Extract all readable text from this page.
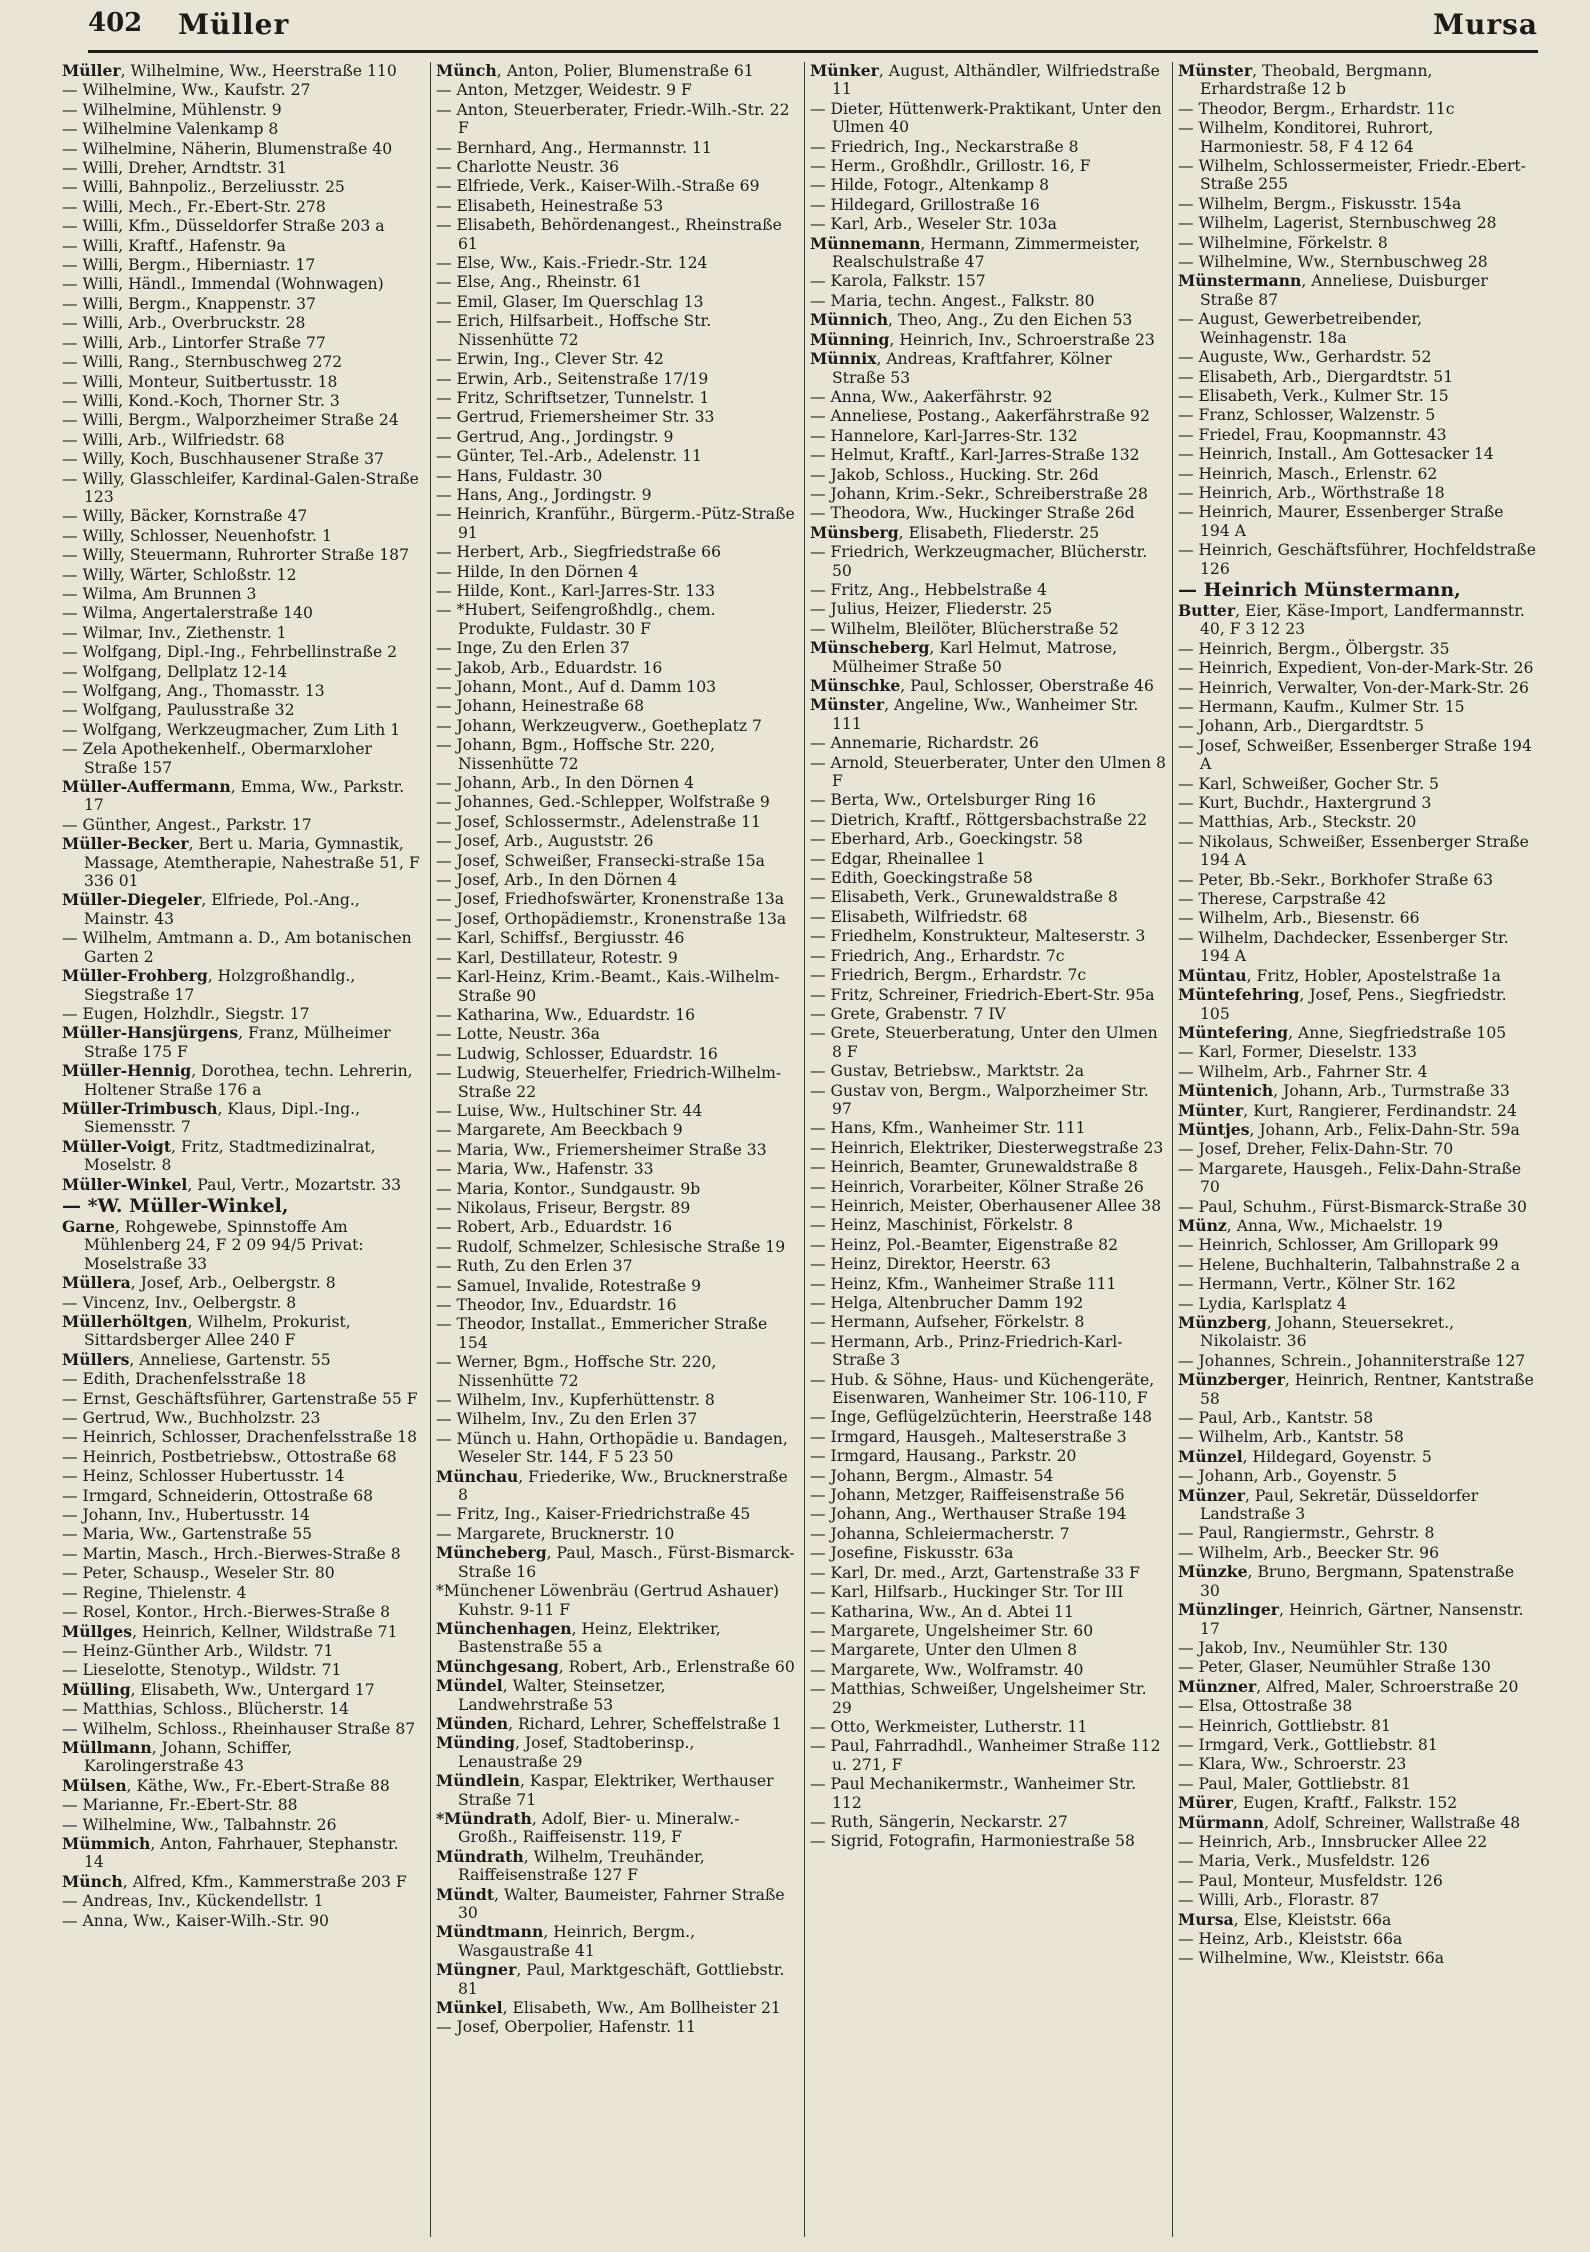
402 Müller	Mursa
Müller, Wilhelmine, Ww., Heerstraße 110
— Wilhelmine, Ww., Kaufstr. 27
— Wilhelmine, Mühlenstr. 9
— Wilhelmine Valenkamp 8
— Wilhelmine, Näherin, Blumenstraße 40
— Willi, Dreher, Arndtstr. 31
— Willi, Bahnpoliz., Berzeliusstr. 25
— Willi, Mech., Fr.-Ebert-Str. 278
— Willi, Kfm., Düsseldorfer Straße 203 a
— Willi, Kraftf., Hafenstr. 9a
— Willi, Bergm., Hiberniastr. 17
— Willi, Händl., Immendal (Wohnwagen)
— Willi, Bergm., Knappenstr. 37
— Willi, Arb., Overbruckstr. 28
— Willi, Arb., Lintorfer Straße 77
— Willi, Rang., Sternbuschweg 272
— Willi, Monteur, Suitbertusstr. 18
— Willi, Kond.-Koch, Thorner Str. 3
— Willi, Bergm., Walporzheimer Straße 24
— Willi, Arb., Wilfriedstr. 68
— Willy, Koch, Buschhausener Straße 37
— Willy, Glasschleifer, Kardinal-Galen-Straße 123
— Willy, Bäcker, Kornstraße 47
— Willy, Schlosser, Neuenhofstr. 1
— Willy, Steuermann, Ruhrorter Straße 187
— Willy, Wärter, Schloßstr. 12
— Wilma, Am Brunnen 3
— Wilma, Angertalerstraße 140
— Wilmar, Inv., Ziethenstr. 1
— Wolfgang, Dipl.-Ing., Fehrbellinstraße 2
— Wolfgang, Dellplatz 12-14
— Wolfgang, Ang., Thomasstr. 13
— Wolfgang, Paulusstraße 32
— Wolfgang, Werkzeugmacher, Zum Lith 1
— Zela Apothekenhelf., Obermarxloher Straße 157
Müller-Auffermann, Emma, Ww., Parkstr. 17
— Günther, Angest., Parkstr. 17
Müller-Becker, Bert u. Maria, Gymnastik, Massage, Atemtherapie, Nahestraße 51, F 336 01
Müller-Diegeler, Elfriede, Pol.-Ang., Mainstr. 43
— Wilhelm, Amtmann a. D., Am botanischen Garten 2
Müller-Frohberg, Holzgroßhandlg., Siegstraße 17
— Eugen, Holzhdlr., Siegstr. 17
Müller-Hansjürgens, Franz, Mülheimer Straße 175 F
Müller-Hennig, Dorothea, techn. Lehrerin, Holtener Straße 176 a
Müller-Trimbusch, Klaus, Dipl.-Ing., Siemensstr. 7
Müller-Voigt, Fritz, Stadtmedizinalrat, Moselstr. 8
Müller-Winkel, Paul, Vertr., Mozartstr. 33
— *W. Müller-Winkel,
Garne, Rohgewebe, Spinnstoffe Am Mühlenberg 24, F 2 09 94/5 Privat: Moselstraße 33
Müllera, Josef, Arb., Oelbergstr. 8
— Vincenz, Inv., Oelbergstr. 8
Müllerhöltgen, Wilhelm, Prokurist, Sittardsberger Allee 240 F
Müllers, Anneliese, Gartenstr. 55
— Edith, Drachenfelsstraße 18
— Ernst, Geschäftsführer, Gartenstraße 55 F
— Gertrud, Ww., Buchholzstr. 23
— Heinrich, Schlosser, Drachenfelsstraße 18
— Heinrich, Postbetriebsw., Ottostraße 68
— Heinz, Schlosser Hubertusstr. 14
— Irmgard, Schneiderin, Ottostraße 68
— Johann, Inv., Hubertusstr. 14
— Maria, Ww., Gartenstraße 55
— Martin, Masch., Hrch.-Bierwes-Straße 8
— Peter, Schausp., Weseler Str. 80
— Regine, Thielenstr. 4
— Rosel, Kontor., Hrch.-Bierwes-Straße 8
Müllges, Heinrich, Kellner, Wildstraße 71
— Heinz-Günther Arb., Wildstr. 71
— Lieselotte, Stenotyp., Wildstr. 71
Mülling, Elisabeth, Ww., Untergard 17
— Matthias, Schloss., Blücherstr. 14
— Wilhelm, Schloss., Rheinhauser Straße 87
Müllmann, Johann, Schiffer, Karolingerstraße 43
Mülsen, Käthe, Ww., Fr.-Ebert-Straße 88
— Marianne, Fr.-Ebert-Str. 88
— Wilhelmine, Ww., Talbahnstr. 26
Mümmich, Anton, Fahrhauer, Stephanstr. 14
Münch, Alfred, Kfm., Kammerstraße 203 F
— Andreas, Inv., Kückendellstr. 1
— Anna, Ww., Kaiser-Wilh.-Str. 90
Münch, Anton, Polier, Blumenstraße 61
— Anton, Metzger, Weidestr. 9 F
— Anton, Steuerberater, Friedr.-Wilh.-Str. 22 F
— Bernhard, Ang., Hermannstr. 11
— Charlotte Neustr. 36
— Elfriede, Verk., Kaiser-Wilh.-Straße 69
— Elisabeth, Heinestraße 53
— Elisabeth, Behördenangest., Rheinstraße 61
— Else, Ww., Kais.-Friedr.-Str. 124
— Else, Ang., Rheinstr. 61
— Emil, Glaser, Im Querschlag 13
— Erich, Hilfsarbeit., Hoffsche Str. Nissenhütte 72
— Erwin, Ing., Clever Str. 42
— Erwin, Arb., Seitenstraße 17/19
— Fritz, Schriftsetzer, Tunnelstr. 1
— Gertrud, Friemersheimer Str. 33
— Gertrud, Ang., Jordingstr. 9
— Günter, Tel.-Arb., Adelenstr. 11
— Hans, Fuldastr. 30
— Hans, Ang., Jordingstr. 9
— Heinrich, Kranführ., Bürgerm.-Pütz-Straße 91
— Herbert, Arb., Siegfriedstraße 66
— Hilde, In den Dörnen 4
— Hilde, Kont., Karl-Jarres-Str. 133
— *Hubert, Seifengroßhdlg., chem. Produkte, Fuldastr. 30 F
— Inge, Zu den Erlen 37
— Jakob, Arb., Eduardstr. 16
— Johann, Mont., Auf d. Damm 103
— Johann, Heinestraße 68
— Johann, Werkzeugverw., Goetheplatz 7
— Johann, Bgm., Hoffsche Str. 220, Nissenhütte 72
— Johann, Arb., In den Dörnen 4
— Johannes, Ged.-Schlepper, Wolfstraße 9
— Josef, Schlossermstr., Adelenstraße 11
— Josef, Arb., Auguststr. 26
— Josef, Schweißer, Fransecki-straße 15a
— Josef, Arb., In den Dörnen 4
— Josef, Friedhofswärter, Kronenstraße 13a
— Josef, Orthopädiemstr., Kronenstraße 13a
— Karl, Schiffsf., Bergiusstr. 46
— Karl, Destillateur, Rotestr. 9
— Karl-Heinz, Krim.-Beamt., Kais.-Wilhelm-Straße 90
— Katharina, Ww., Eduardstr. 16
— Lotte, Neustr. 36a
— Ludwig, Schlosser, Eduardstr. 16
— Ludwig, Steuerhelfer, Friedrich-Wilhelm-Straße 22
— Luise, Ww., Hultschiner Str. 44
— Margarete, Am Beeckbach 9
— Maria, Ww., Friemersheimer Straße 33
— Maria, Ww., Hafenstr. 33
— Maria, Kontor., Sundgaustr. 9b
— Nikolaus, Friseur, Bergstr. 89
— Robert, Arb., Eduardstr. 16
— Rudolf, Schmelzer, Schlesische Straße 19
— Ruth, Zu den Erlen 37
— Samuel, Invalide, Rotestraße 9
— Theodor, Inv., Eduardstr. 16
— Theodor, Installat., Emmericher Straße 154
— Werner, Bgm., Hoffsche Str. 220, Nissenhütte 72
— Wilhelm, Inv., Kupferhüttenstr. 8
— Wilhelm, Inv., Zu den Erlen 37
— Münch u. Hahn, Orthopädie u. Bandagen, Weseler Str. 144, F 5 23 50
Münchau, Friederike, Ww., Brucknerstraße 8
— Fritz, Ing., Kaiser-Friedrichstraße 45
— Margarete, Brucknerstr. 10
Müncheberg, Paul, Masch., Fürst-Bismarck-Straße 16
*Münchener Löwenbräu (Gertrud Ashauer) Kuhstr. 9-11 F
Münchenhagen, Heinz, Elektriker, Bastenstraße 55 a
Münchgesang, Robert, Arb., Erlenstraße 60
Mündel, Walter, Steinsetzer, Landwehrstraße 53
Münden, Richard, Lehrer, Scheffelstraße 1
Münding, Josef, Stadtoberinsp., Lenaustraße 29
Mündlein, Kaspar, Elektriker, Werthauser Straße 71
*Mündrath, Adolf, Bier- u. Mineralw.-Großh., Raiffeisenstr. 119, F
Mündrath, Wilhelm, Treuhänder, Raiffeisenstraße 127 F
Mündt, Walter, Baumeister, Fahrner Straße 30
Mündtmann, Heinrich, Bergm., Wasgaustraße 41
Müngner, Paul, Marktgeschäft, Gottliebstr. 81
Münkel, Elisabeth, Ww., Am Bollheister 21
— Josef, Oberpolier, Hafenstr. 11
Münker, August, Althändler, Wilfriedstraße 11
— Dieter, Hüttenwerk-Praktikant, Unter den Ulmen 40
— Friedrich, Ing., Neckarstraße 8
— Herm., Großhdlr., Grillostr. 16, F
— Hilde, Fotogr., Altenkamp 8
— Hildegard, Grillostraße 16
— Karl, Arb., Weseler Str. 103a
Münnemann, Hermann, Zimmermeister, Realschulstraße 47
— Karola, Falkstr. 157
— Maria, techn. Angest., Falkstr. 80
Münnich, Theo, Ang., Zu den Eichen 53
Münning, Heinrich, Inv., Schroerstraße 23
Münnix, Andreas, Kraftfahrer, Kölner Straße 53
— Anna, Ww., Aakerfährstr. 92
— Anneliese, Postang., Aakerfährstraße 92
— Hannelore, Karl-Jarres-Str. 132
— Helmut, Kraftf., Karl-Jarres-Straße 132
— Jakob, Schloss., Hucking. Str. 26d
— Johann, Krim.-Sekr., Schreiberstraße 28
— Theodora, Ww., Huckinger Straße 26d
Münsberg, Elisabeth, Fliederstr. 25
— Friedrich, Werkzeugmacher, Blücherstr. 50
— Fritz, Ang., Hebbelstraße 4
— Julius, Heizer, Fliederstr. 25
— Wilhelm, Bleilöter, Blücherstraße 52
Münscheberg, Karl Helmut, Matrose, Mülheimer Straße 50
Münschke, Paul, Schlosser, Oberstraße 46
Münster, Angeline, Ww., Wanheimer Str. 111
— Annemarie, Richardstr. 26
— Arnold, Steuerberater, Unter den Ulmen 8 F
— Berta, Ww., Ortelsburger Ring 16
— Dietrich, Kraftf., Röttgersbachstraße 22
— Eberhard, Arb., Goeckingstr. 58
— Edgar, Rheinallee 1
— Edith, Goeckingstraße 58
— Elisabeth, Verk., Grunewaldstraße 8
— Elisabeth, Wilfriedstr. 68
— Friedhelm, Konstrukteur, Malteserstr. 3
— Friedrich, Ang., Erhardstr. 7c
— Friedrich, Bergm., Erhardstr. 7c
— Fritz, Schreiner, Friedrich-Ebert-Str. 95a
— Grete, Grabenstr. 7 IV
— Grete, Steuerberatung, Unter den Ulmen 8 F
— Gustav, Betriebsw., Marktstr. 2a
— Gustav von, Bergm., Walporzheimer Str. 97
— Hans, Kfm., Wanheimer Str. 111
— Heinrich, Elektriker, Diesterwegstraße 23
— Heinrich, Beamter, Grunewaldstraße 8
— Heinrich, Vorarbeiter, Kölner Straße 26
— Heinrich, Meister, Oberhausener Allee 38
— Heinz, Maschinist, Förkelstr. 8
— Heinz, Pol.-Beamter, Eigenstraße 82
— Heinz, Direktor, Heerstr. 63
— Heinz, Kfm., Wanheimer Straße 111
— Helga, Altenbrucher Damm 192
— Hermann, Aufseher, Förkelstr. 8
— Hermann, Arb., Prinz-Friedrich-Karl-Straße 3
— Hub. & Söhne, Haus- und Küchengeräte, Eisenwaren, Wanheimer Str. 106-110, F
— Inge, Geflügelzüchterin, Heerstraße 148
— Irmgard, Hausgeh., Malteserstraße 3
— Irmgard, Hausang., Parkstr. 20
— Johann, Bergm., Almastr. 54
— Johann, Metzger, Raiffeisenstraße 56
— Johann, Ang., Werthauser Straße 194
— Johanna, Schleiermacherstr. 7
— Josefine, Fiskusstr. 63a
— Karl, Dr. med., Arzt, Gartenstraße 33 F
— Karl, Hilfsarb., Huckinger Str. Tor III
— Katharina, Ww., An d. Abtei 11
— Margarete, Ungelsheimer Str. 60
— Margarete, Unter den Ulmen 8
— Margarete, Ww., Wolframstr. 40
— Matthias, Schweißer, Ungelsheimer Str. 29
— Otto, Werkmeister, Lutherstr. 11
— Paul, Fahrradhdl., Wanheimer Straße 112 u. 271, F
— Paul Mechanikermstr., Wanheimer Str. 112
— Ruth, Sängerin, Neckarstr. 27
— Sigrid, Fotografin, Harmoniestraße 58
Münster, Theobald, Bergmann, Erhardstraße 12 b
— Theodor, Bergm., Erhardstr. 11c
— Wilhelm, Konditorei, Ruhrort, Harmoniestr. 58, F 4 12 64
— Wilhelm, Schlossermeister, Friedr.-Ebert-Straße 255
— Wilhelm, Bergm., Fiskusstr. 154a
— Wilhelm, Lagerist, Sternbuschweg 28
— Wilhelmine, Förkelstr. 8
— Wilhelmine, Ww., Sternbuschweg 28
Münstermann, Anneliese, Duisburger Straße 87
— August, Gewerbetreibender, Weinhagenstr. 18a
— Auguste, Ww., Gerhardstr. 52
— Elisabeth, Arb., Diergardtstr. 51
— Elisabeth, Verk., Kulmer Str. 15
— Franz, Schlosser, Walzenstr. 5
— Friedel, Frau, Koopmannstr. 43
— Heinrich, Install., Am Gottesacker 14
— Heinrich, Masch., Erlenstr. 62
— Heinrich, Arb., Wörthstraße 18
— Heinrich, Maurer, Essenberger Straße 194 A
— Heinrich, Geschäftsführer, Hochfeldstraße 126
— Heinrich Münstermann,
Butter, Eier, Käse-Import, Landfermannstr. 40, F 3 12 23
— Heinrich, Bergm., Ölbergstr. 35
— Heinrich, Expedient, Von-der-Mark-Str. 26
— Heinrich, Verwalter, Von-der-Mark-Str. 26
— Hermann, Kaufm., Kulmer Str. 15
— Johann, Arb., Diergardtstr. 5
— Josef, Schweißer, Essenberger Straße 194 A
— Karl, Schweißer, Gocher Str. 5
— Kurt, Buchdr., Haxtergrund 3
— Matthias, Arb., Steckstr. 20
— Nikolaus, Schweißer, Essenberger Straße 194 A
— Peter, Bb.-Sekr., Borkhofer Straße 63
— Therese, Carpstraße 42
— Wilhelm, Arb., Biesenstr. 66
— Wilhelm, Dachdecker, Essenberger Str. 194 A
Müntau, Fritz, Hobler, Apostelstraße 1a
Müntefehring, Josef, Pens., Siegfriedstr. 105
Müntefering, Anne, Siegfriedstraße 105
— Karl, Former, Dieselstr. 133
— Wilhelm, Arb., Fahrner Str. 4
Müntenich, Johann, Arb., Turmstraße 33
Münter, Kurt, Rangierer, Ferdinandstr. 24
Müntjes, Johann, Arb., Felix-Dahn-Str. 59a
— Josef, Dreher, Felix-Dahn-Str. 70
— Margarete, Hausgeh., Felix-Dahn-Straße 70
— Paul, Schuhm., Fürst-Bismarck-Straße 30
Münz, Anna, Ww., Michaelstr. 19
— Heinrich, Schlosser, Am Grillopark 99
— Helene, Buchhalterin, Talbahnstraße 2 a
— Hermann, Vertr., Kölner Str. 162
— Lydia, Karlsplatz 4
Münzberg, Johann, Steuersekret., Nikolaistr. 36
— Johannes, Schrein., Johanniterstraße 127
Münzberger, Heinrich, Rentner, Kantstraße 58
— Paul, Arb., Kantstr. 58
— Wilhelm, Arb., Kantstr. 58
Münzel, Hildegard, Goyenstr. 5
— Johann, Arb., Goyenstr. 5
Münzer, Paul, Sekretär, Düsseldorfer Landstraße 3
— Paul, Rangiermstr., Gehrstr. 8
— Wilhelm, Arb., Beecker Str. 96
Münzke, Bruno, Bergmann, Spatenstraße 30
Münzlinger, Heinrich, Gärtner, Nansenstr. 17
— Jakob, Inv., Neumühler Str. 130
— Peter, Glaser, Neumühler Straße 130
Münzner, Alfred, Maler, Schroerstraße 20
— Elsa, Ottostraße 38
— Heinrich, Gottliebstr. 81
— Irmgard, Verk., Gottliebstr. 81
— Klara, Ww., Schroerstr. 23
— Paul, Maler, Gottliebstr. 81
Mürer, Eugen, Kraftf., Falkstr. 152
Mürmann, Adolf, Schreiner, Wallstraße 48
— Heinrich, Arb., Innsbrucker Allee 22
— Maria, Verk., Musfeldstr. 126
— Paul, Monteur, Musfeldstr. 126
— Willi, Arb., Florastr. 87
Mursa, Else, Kleiststr. 66a
— Heinz, Arb., Kleiststr. 66a
— Wilhelmine, Ww., Kleiststr. 66a
